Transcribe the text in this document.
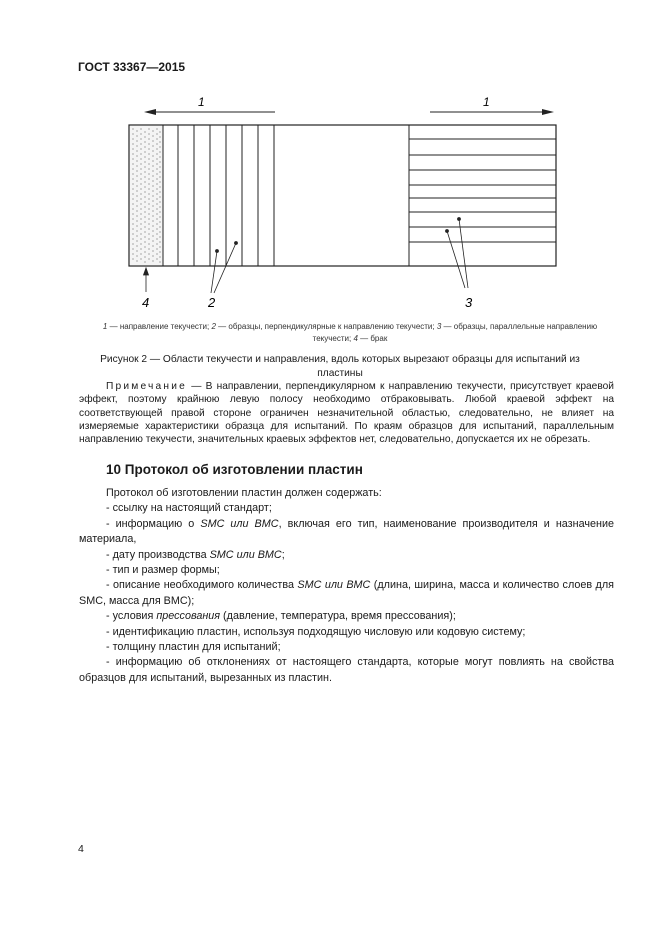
ГОСТ 33367—2015
1	1
4	2	3
1 — направление текучести; 2 — образцы, перпендикулярные к направлению текучести; 3 — образцы, параллельные направлению текучести; 4 — брак
Рисунок 2 — Области текучести и направления, вдоль которых вырезают образцы для испытаний из пластины
Примечание — В направлении, перпендикулярном к направлению текучести, присутствует краевой эффект, поэтому крайнюю левую полосу необходимо отбраковывать. Любой краевой эффект на соответствующей правой стороне ограничен незначительной областью, следовательно, не влияет на измеряемые характеристики образца для испытаний. По краям образцов для испытаний, параллельным направлению текучести, значительных краевых эффектов нет, следовательно, допускается их не обрезать.
10 Протокол об изготовлении пластин

Протокол об изготовлении пластин должен содержать:

- ссылку на настоящий стандарт;

- информацию о SMC или BMC, включая его тип, наименование производителя и назначение материала,

- дату производства SMC или BMC;

- тип и размер формы;

- описание необходимого количества SMC или BMC (длина, ширина, масса и количество слоев для SMC, масса для BMC);

- условия прессования (давление, температура, время прессования);

- идентификацию пластин, используя подходящую числовую или кодовую систему;

- толщину пластин для испытаний;

- информацию об отклонениях от настоящего стандарта, которые могут повлиять на свойства образцов для испытаний, вырезанных из пластин.

4
